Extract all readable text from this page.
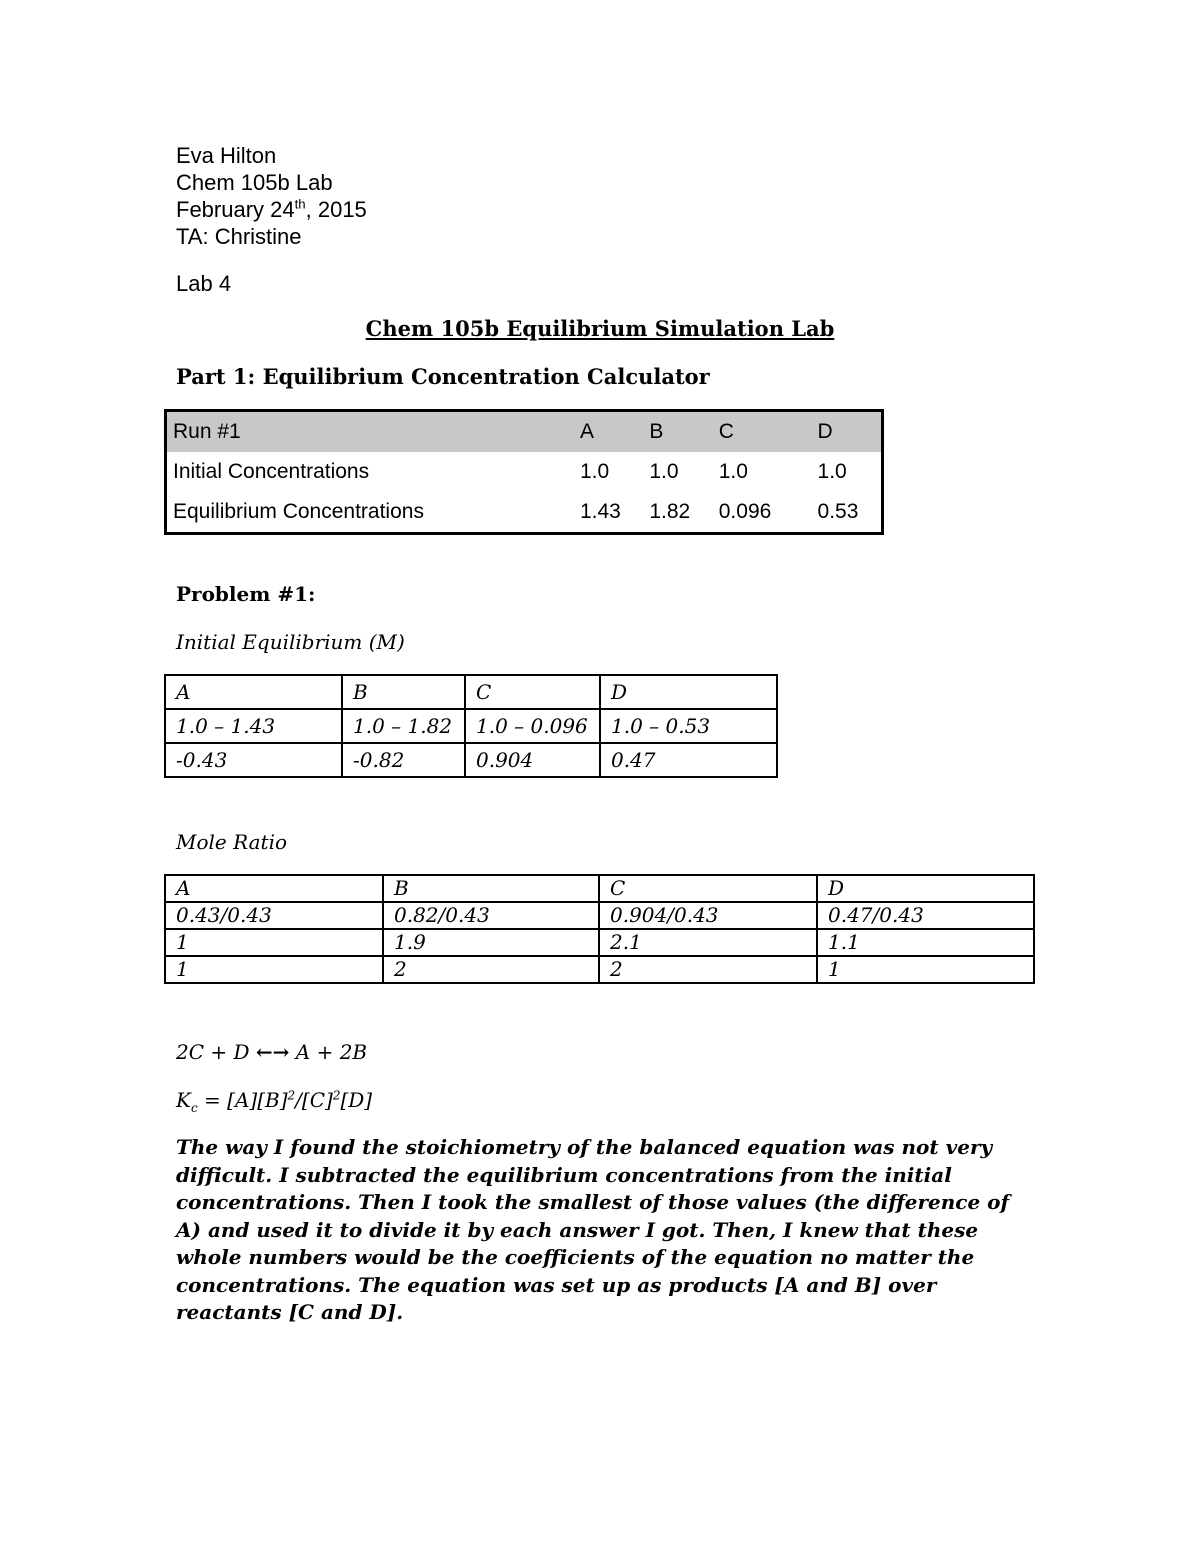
Eva Hilton
Chem 105b Lab
February 24th, 2015
TA: Christine
Lab 4
Chem 105b Equilibrium Simulation Lab
Part 1: Equilibrium Concentration Calculator
Run #1	A	B	C	D
Initial Concentrations	1.0	1.0	1.0	1.0
Equilibrium Concentrations	1.43	1.82	0.096	0.53
Problem #1:
Initial Equilibrium (M)
A	B	C	D
1.0 – 1.43	1.0 – 1.82	1.0 – 0.096	1.0 – 0.53
-0.43	-0.82	0.904	0.47
Mole Ratio
A	B	C	D
0.43/0.43	0.82/0.43	0.904/0.43	0.47/0.43
1	1.9	2.1	1.1
1	2	2	1
2C + D ←→ A + 2B
$K_c = [A][B]^2/[C]^2[D]$
The way I found the stoichiometry of the balanced equation was not very difficult. I subtracted the equilibrium concentrations from the initial concentrations. Then I took the smallest of those values (the difference of A) and used it to divide it by each answer I got. Then, I knew that these whole numbers would be the coefficients of the equation no matter the concentrations. The equation was set up as products [A and B] over reactants [C and D].
